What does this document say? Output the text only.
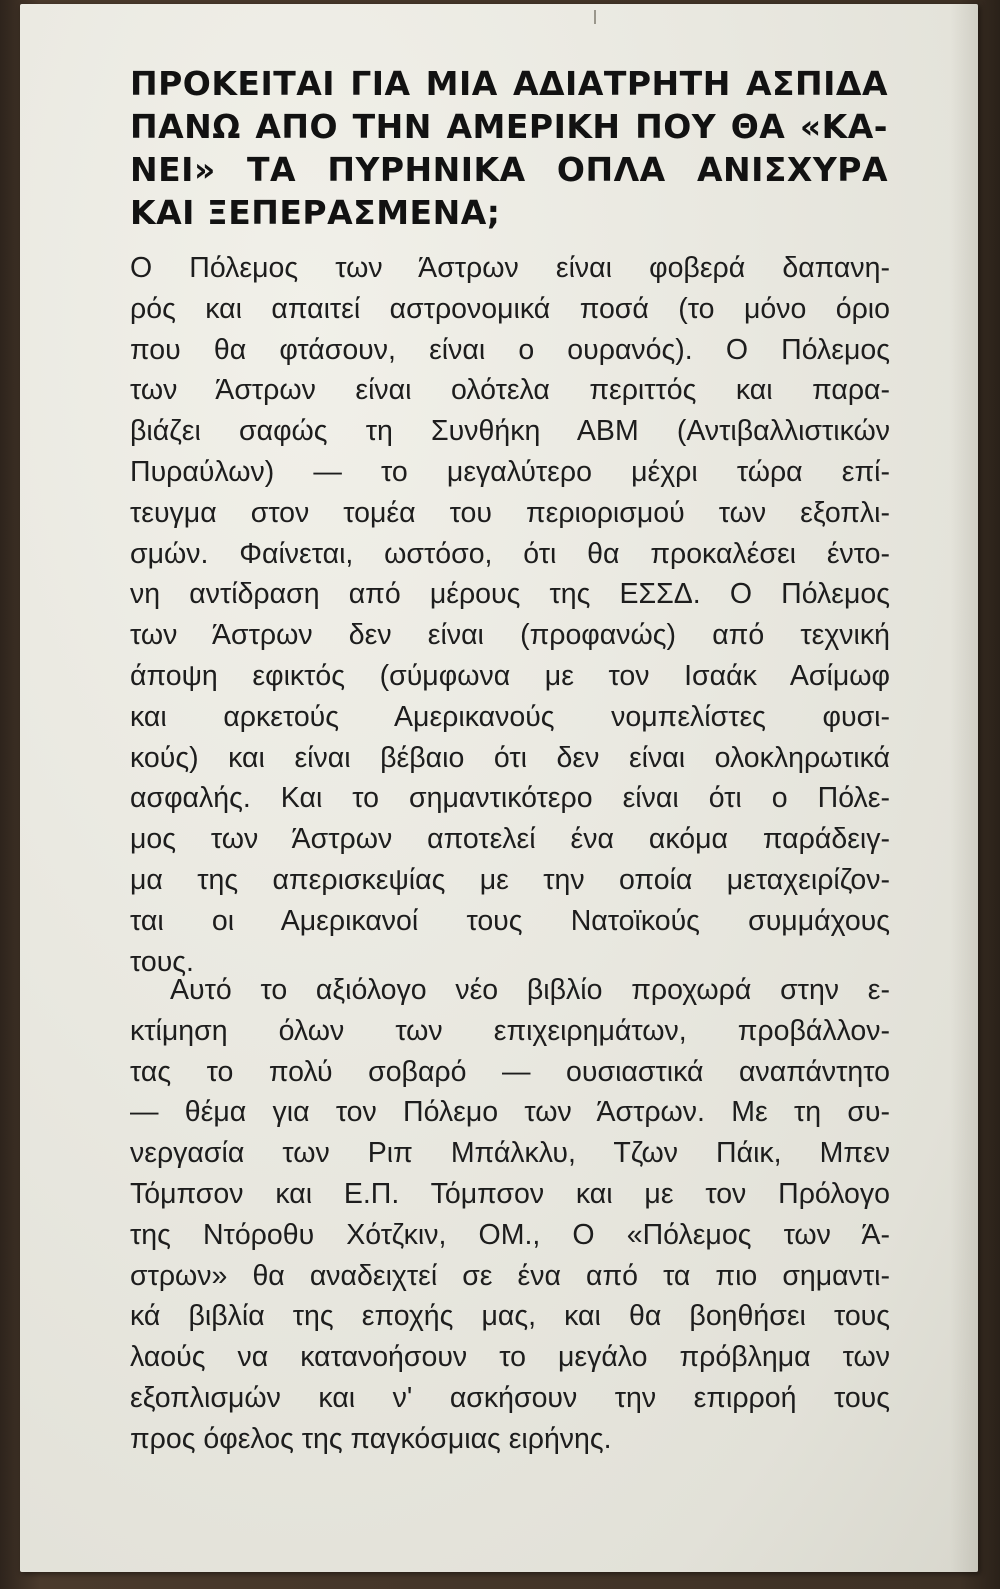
ΠΡΟΚΕΙΤΑΙ ΓΙΑ ΜΙΑ ΑΔΙΑΤΡΗΤΗ ΑΣΠΙΔΑ
ΠΑΝΩ ΑΠΟ ΤΗΝ ΑΜΕΡΙΚΗ ΠΟΥ ΘΑ «ΚΑ-
ΝΕΙ» ΤΑ ΠΥΡΗΝΙΚΑ ΟΠΛΑ ΑΝΙΣΧΥΡΑ
ΚΑΙ ΞΕΠΕΡΑΣΜΕΝΑ;
Ο Πόλεμος των Άστρων είναι φοβερά δαπανη-
ρός και απαιτεί αστρονομικά ποσά (το μόνο όριο
που θα φτάσουν, είναι ο ουρανός). Ο Πόλεμος
των Άστρων είναι ολότελα περιττός και παρα-
βιάζει σαφώς τη Συνθήκη ΑΒΜ (Αντιβαλλιστικών
Πυραύλων) — το μεγαλύτερο μέχρι τώρα επί-
τευγμα στον τομέα του περιορισμού των εξοπλι-
σμών. Φαίνεται, ωστόσο, ότι θα προκαλέσει έντο-
νη αντίδραση από μέρους της ΕΣΣΔ. Ο Πόλεμος
των Άστρων δεν είναι (προφανώς) από τεχνική
άποψη εφικτός (σύμφωνα με τον Ισαάκ Ασίμωφ
και αρκετούς Αμερικανούς νομπελίστες φυσι-
κούς) και είναι βέβαιο ότι δεν είναι ολοκληρωτικά
ασφαλής. Και το σημαντικότερο είναι ότι ο Πόλε-
μος των Άστρων αποτελεί ένα ακόμα παράδειγ-
μα της απερισκεψίας με την οποία μεταχειρίζον-
ται οι Αμερικανοί τους Νατοϊκούς συμμάχους
τους.
Αυτό το αξιόλογο νέο βιβλίο προχωρά στην ε-
κτίμηση όλων των επιχειρημάτων, προβάλλον-
τας το πολύ σοβαρό — ουσιαστικά αναπάντητο
— θέμα για τον Πόλεμο των Άστρων. Με τη συ-
νεργασία των Ριπ Μπάλκλυ, Τζων Πάικ, Μπεν
Τόμπσον και Ε.Π. Τόμπσον και με τον Πρόλογο
της Ντόροθυ Χότζκιν, ΟΜ., Ο «Πόλεμος των Ά-
στρων» θα αναδειχτεί σε ένα από τα πιο σημαντι-
κά βιβλία της εποχής μας, και θα βοηθήσει τους
λαούς να κατανοήσουν το μεγάλο πρόβλημα των
εξοπλισμών και ν' ασκήσουν την επιρροή τους
προς όφελος της παγκόσμιας ειρήνης.
